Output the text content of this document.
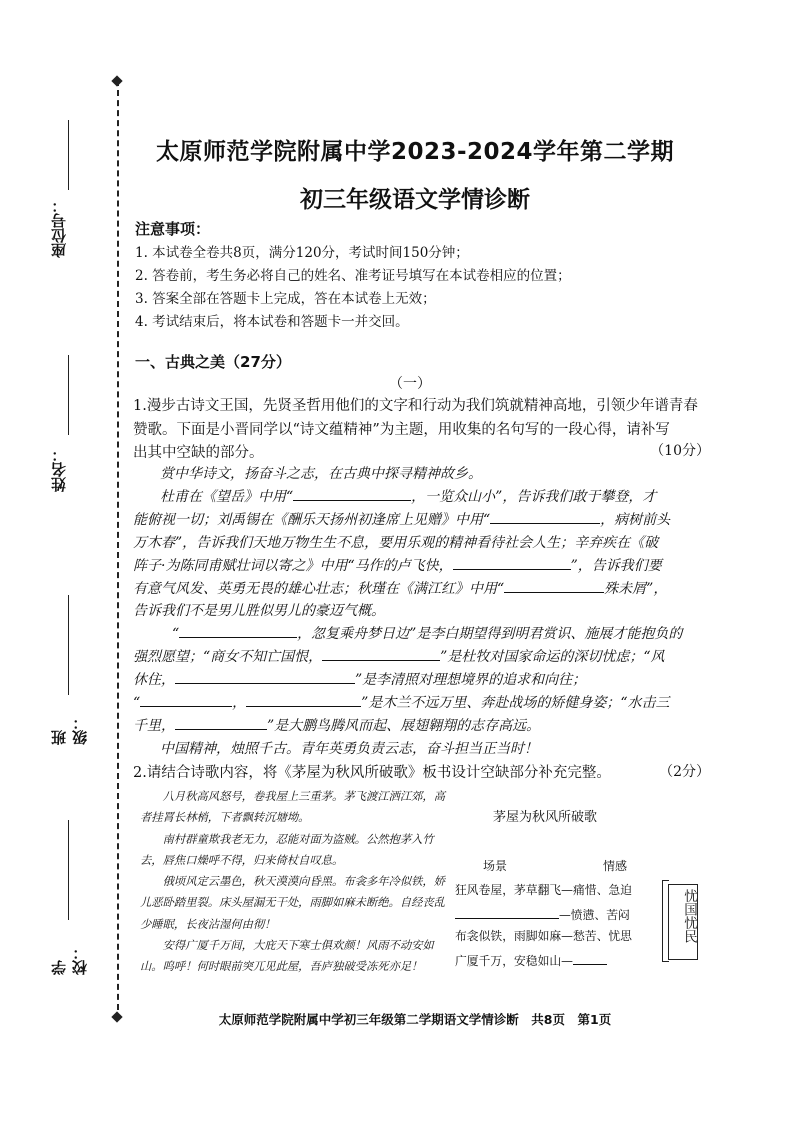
座位号：
姓名：
班级：
学校：
太原师范学院附属中学2023-2024学年第二学期
初三年级语文学情诊断
注意事项：
1. 本试卷全卷共8页，满分120分，考试时间150分钟；
2. 答卷前，考生务必将自己的姓名、准考证号填写在本试卷相应的位置；
3. 答案全部在答题卡上完成，答在本试卷上无效；
4. 考试结束后，将本试卷和答题卡一并交回。
一、古典之美（27分）
（一）
1.漫步古诗文王国，先贤圣哲用他们的文字和行动为我们筑就精神高地，引领少年谱青春
赞歌。下面是小晋同学以“诗文蕴精神”为主题，用收集的名句写的一段心得，请补写
出其中空缺的部分。	（10分）
赏中华诗文，扬奋斗之志，在古典中探寻精神故乡。
杜甫在《望岳》中用“	，一览众山小”，告诉我们敢于攀登，才
能俯视一切；刘禹锡在《酬乐天扬州初逢席上见赠》中用“	，病树前头
万木春”，告诉我们天地万物生生不息，要用乐观的精神看待社会人生；辛弃疾在《破
阵子·为陈同甫赋壮词以寄之》中用“马作的卢飞快，	”，告诉我们要
有意气风发、英勇无畏的雄心壮志；秋瑾在《满江红》中用“	殊未屑”，
告诉我们不是男儿胜似男儿的豪迈气概。
“	，忽复乘舟梦日边”是李白期望得到明君赏识、施展才能抱负的
强烈愿望；“商女不知亡国恨，	”是杜牧对国家命运的深切忧虑；“风
休住，	”是李清照对理想境界的追求和向往；
“	，	”是木兰不远万里、奔赴战场的矫健身姿；“水击三
千里，	”是大鹏鸟腾风而起、展翅翱翔的志存高远。
中国精神，烛照千古。青年英勇负责云志，奋斗担当正当时！
2.请结合诗歌内容，将《茅屋为秋风所破歌》板书设计空缺部分补充完整。	（2分）

八月秋高风怒号，卷我屋上三重茅。茅飞渡江洒江郊，高者挂罥长林梢，下者飘转沉塘坳。

南村群童欺我老无力，忍能对面为盗贼。公然抱茅入竹去，唇焦口燥呼不得，归来倚杖自叹息。

俄顷风定云墨色，秋天漠漠向昏黑。布衾多年冷似铁，娇儿恶卧踏里裂。床头屋漏无干处，雨脚如麻未断绝。自经丧乱少睡眠，长夜沾湿何由彻！

安得广厦千万间，大庇天下寒士俱欢颜！风雨不动安如山。呜呼！何时眼前突兀见此屋，吾庐独破受冻死亦足！

茅屋为秋风所破歌
场景	情感
狂风卷屋，茅草翻飞—痛惜、急迫
—愤懑、苦闷
布衾似铁，雨脚如麻—愁苦、忧思
广厦千万，安稳如山—
忧国忧民
太原师范学院附属中学初三年级第二学期语文学情诊断　共8页　第1页
